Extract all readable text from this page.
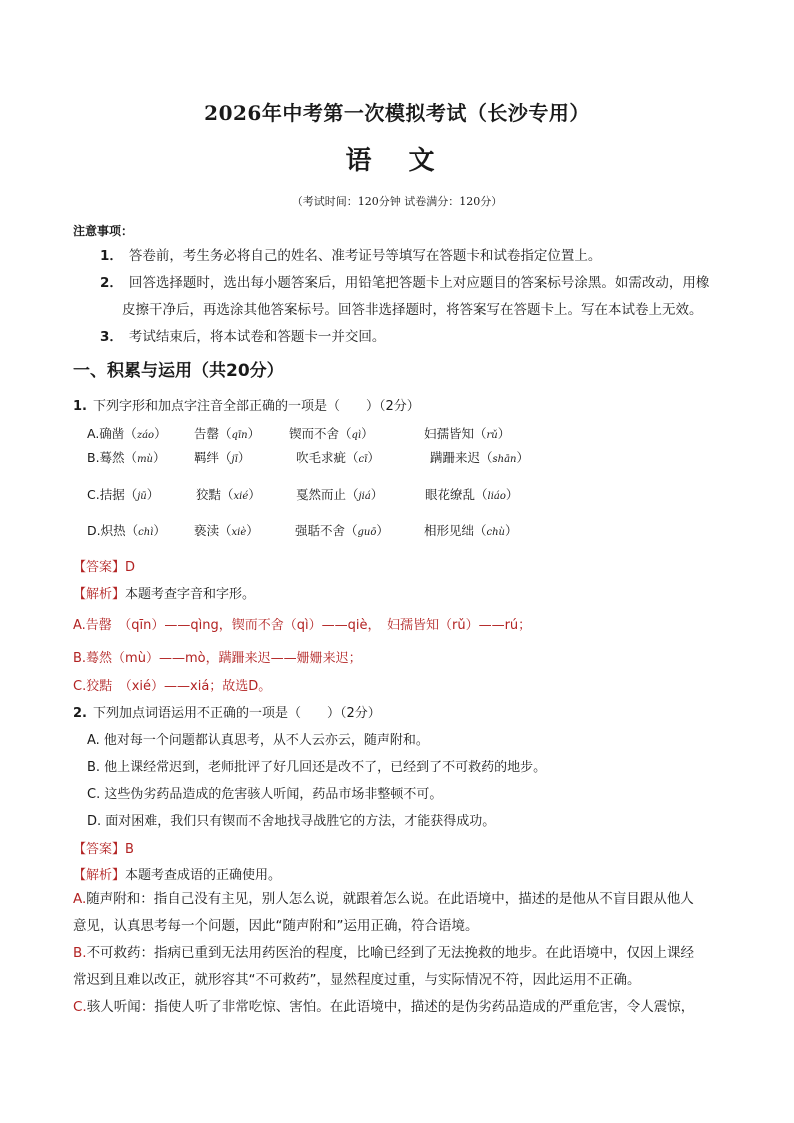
2026年中考第一次模拟考试（长沙专用）
语 文
（考试时间：120分钟 试卷满分：120分）
注意事项：
1． 答卷前，考生务必将自己的姓名、准考证号等填写在答题卡和试卷指定位置上。
2． 回答选择题时，选出每小题答案后，用铅笔把答题卡上对应题目的答案标号涂黑。如需改动，用橡
皮擦干净后，再选涂其他答案标号。回答非选择题时，将答案写在答题卡上。写在本试卷上无效。
3． 考试结束后，将本试卷和答题卡一并交回。
一、积累与运用（共20分）
1. 下列字形和加点字注音全部正确的一项是（　　）（2分）
A.确凿（záo） 告罄（qīn） 锲而不舍（qì）	妇孺皆知（rǔ）
B.蓦然（mù） 羁绊（jī）	吹毛求疵（cī）	蹒跚来迟（shān）
C.拮据（jū）	狡黠（xié）	戛然而止（jiá）	眼花缭乱（liáo）
D.炽热（chì） 亵渎（xiè）	强聒不舍（guō）	相形见绌（chù）
【答案】D
【解析】本题考查字音和字形。
A.告罄　（qīn）——qìng，锲而不舍（qì）——qiè，　妇孺皆知（rǔ）——rú；
B.蓦然（mù）——mò，蹒跚来迟——姗姗来迟；
C.狡黠　（xié）——xiá；故选D。
2. 下列加点词语运用不正确的一项是（　　）（2分）
A. 他对每一个问题都认真思考，从不人云亦云，随声附和。
B. 他上课经常迟到，老师批评了好几回还是改不了，已经到了不可救药的地步。
C. 这些伪劣药品造成的危害骇人听闻，药品市场非整顿不可。
D. 面对困难，我们只有锲而不舍地找寻战胜它的方法，才能获得成功。
【答案】B
【解析】本题考查成语的正确使用。
A.随声附和：指自己没有主见，别人怎么说，就跟着怎么说。在此语境中，描述的是他从不盲目跟从他人
意见，认真思考每一个问题，因此“随声附和”运用正确，符合语境。
B.不可救药：指病已重到无法用药医治的程度，比喻已经到了无法挽救的地步。在此语境中，仅因上课经
常迟到且难以改正，就形容其“不可救药”，显然程度过重，与实际情况不符，因此运用不正确。
C.骇人听闻：指使人听了非常吃惊、害怕。在此语境中，描述的是伪劣药品造成的严重危害，令人震惊，
